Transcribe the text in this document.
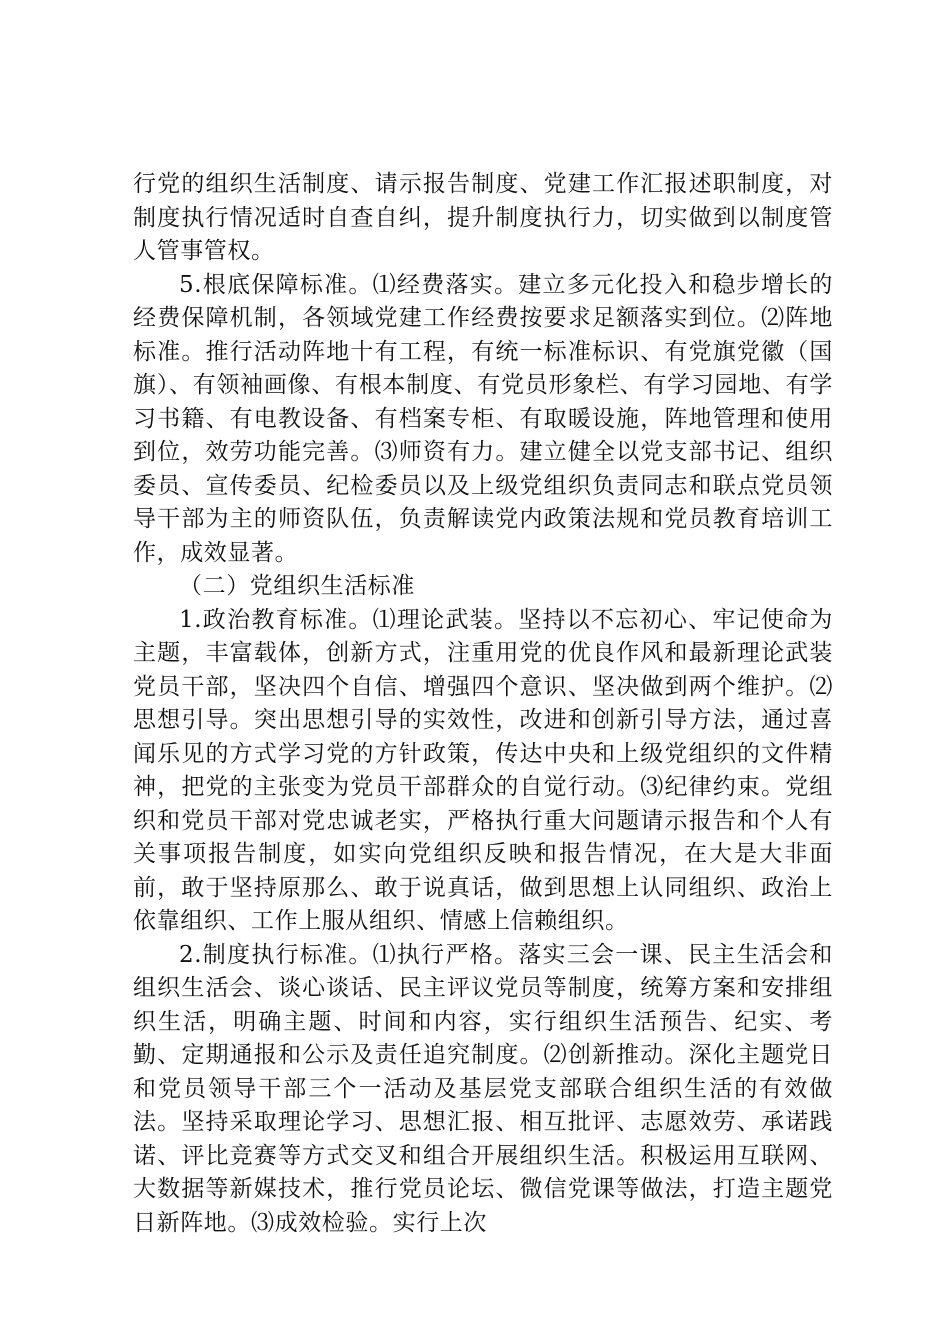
行党的组织生活制度、请示报告制度、党建工作汇报述职制度，对制度执行情况适时自查自纠，提升制度执行力，切实做到以制度管人管事管权。

5.根底保障标准。⑴经费落实。建立多元化投入和稳步增长的经费保障机制，各领域党建工作经费按要求足额落实到位。⑵阵地标准。推行活动阵地十有工程，有统一标准标识、有党旗党徽（国旗）、有领袖画像、有根本制度、有党员形象栏、有学习园地、有学习书籍、有电教设备、有档案专柜、有取暖设施，阵地管理和使用到位，效劳功能完善。⑶师资有力。建立健全以党支部书记、组织委员、宣传委员、纪检委员以及上级党组织负责同志和联点党员领导干部为主的师资队伍，负责解读党内政策法规和党员教育培训工作，成效显著。

（二）党组织生活标准

1.政治教育标准。⑴理论武装。坚持以不忘初心、牢记使命为主题，丰富载体，创新方式，注重用党的优良作风和最新理论武装党员干部，坚决四个自信、增强四个意识、坚决做到两个维护。⑵思想引导。突出思想引导的实效性，改进和创新引导方法，通过喜闻乐见的方式学习党的方针政策，传达中央和上级党组织的文件精神，把党的主张变为党员干部群众的自觉行动。⑶纪律约束。党组织和党员干部对党忠诚老实，严格执行重大问题请示报告和个人有关事项报告制度，如实向党组织反映和报告情况，在大是大非面前，敢于坚持原那么、敢于说真话，做到思想上认同组织、政治上依靠组织、工作上服从组织、情感上信赖组织。

2.制度执行标准。⑴执行严格。落实三会一课、民主生活会和组织生活会、谈心谈话、民主评议党员等制度，统筹方案和安排组织生活，明确主题、时间和内容，实行组织生活预告、纪实、考勤、定期通报和公示及责任追究制度。⑵创新推动。深化主题党日和党员领导干部三个一活动及基层党支部联合组织生活的有效做法。坚持采取理论学习、思想汇报、相互批评、志愿效劳、承诺践诺、评比竞赛等方式交叉和组合开展组织生活。积极运用互联网、大数据等新媒技术，推行党员论坛、微信党课等做法，打造主题党日新阵地。⑶成效检验。实行上次
